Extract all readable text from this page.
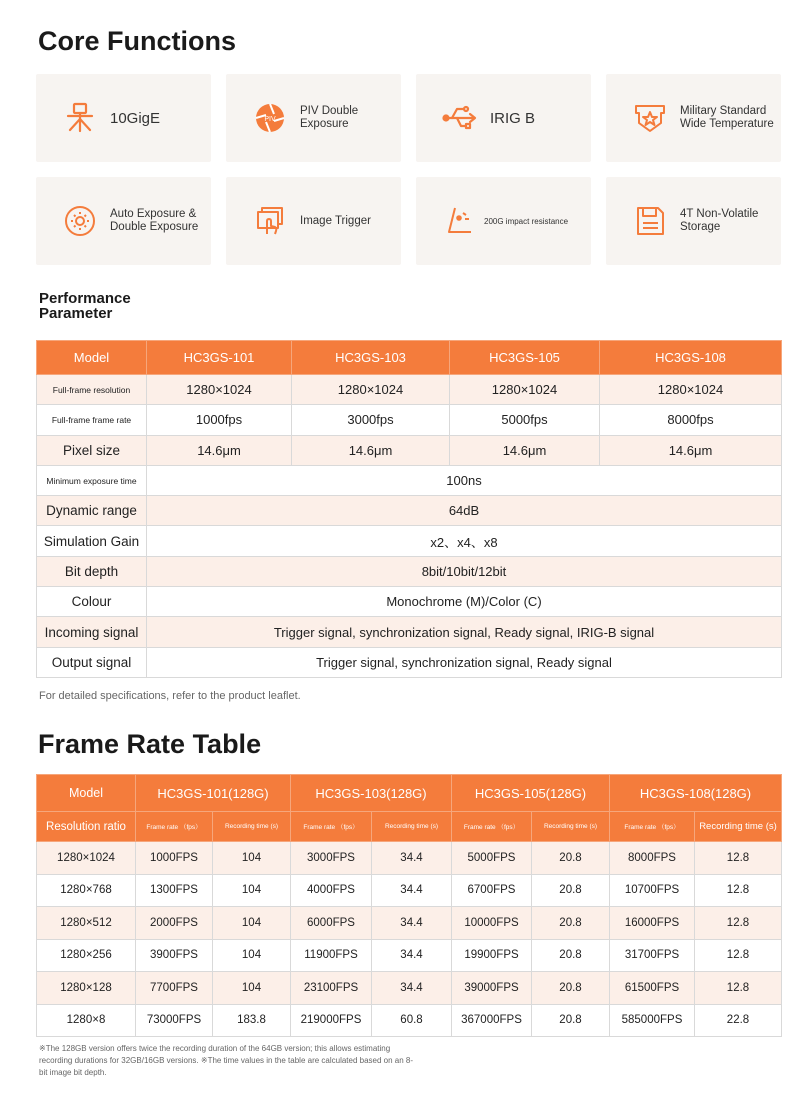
Core Functions
10GigE	PIV
PIV Double
Exposure	IRIG B	Military Standard
Wide Temperature
Auto Exposure &
Double Exposure
Image Trigger	200G impact resistance
4T Non-Volatile
Storage
Performance
Parameter
Model	HC3GS-101	HC3GS-103	HC3GS-105	HC3GS-108
Full-frame resolution	1280×1024	1280×1024	1280×1024	1280×1024
Full-frame frame rate	1000fps	3000fps	5000fps	8000fps
Pixel size	14.6μm	14.6μm	14.6μm	14.6μm
Minimum exposure time	100ns			
Dynamic range	64dB			
Simulation Gain	x2、x4、x8			
Bit depth	8bit/10bit/12bit			
Colour	Monochrome (M)/Color (C)			
Incoming signal	Trigger signal, synchronization signal, Ready signal, IRIG-B signal			
Output signal	Trigger signal, synchronization signal, Ready signal			
For detailed specifications, refer to the product leaflet.
Frame Rate Table
Model	HC3GS-101(128G)		HC3GS-103(128G)		HC3GS-105(128G)		HC3GS-108(128G)	
Resolution ratio	Frame rate （fps）	Recording time (s)	Frame rate （fps）	Recording time (s)	Frame rate （fps）	Recording time (s)	Frame rate （fps）	Recording time (s)
1280×1024	1000FPS	104	3000FPS	34.4	5000FPS	20.8	8000FPS	12.8
1280×768	1300FPS	104	4000FPS	34.4	6700FPS	20.8	10700FPS	12.8
1280×512	2000FPS	104	6000FPS	34.4	10000FPS	20.8	16000FPS	12.8
1280×256	3900FPS	104	11900FPS	34.4	19900FPS	20.8	31700FPS	12.8
1280×128	7700FPS	104	23100FPS	34.4	39000FPS	20.8	61500FPS	12.8
1280×8	73000FPS	183.8	219000FPS	60.8	367000FPS	20.8	585000FPS	22.8
※The 128GB version offers twice the recording duration of the 64GB version; this allows estimating recording durations for 32GB/16GB versions. ※The time values in the table are calculated based on an 8-bit image bit depth.
